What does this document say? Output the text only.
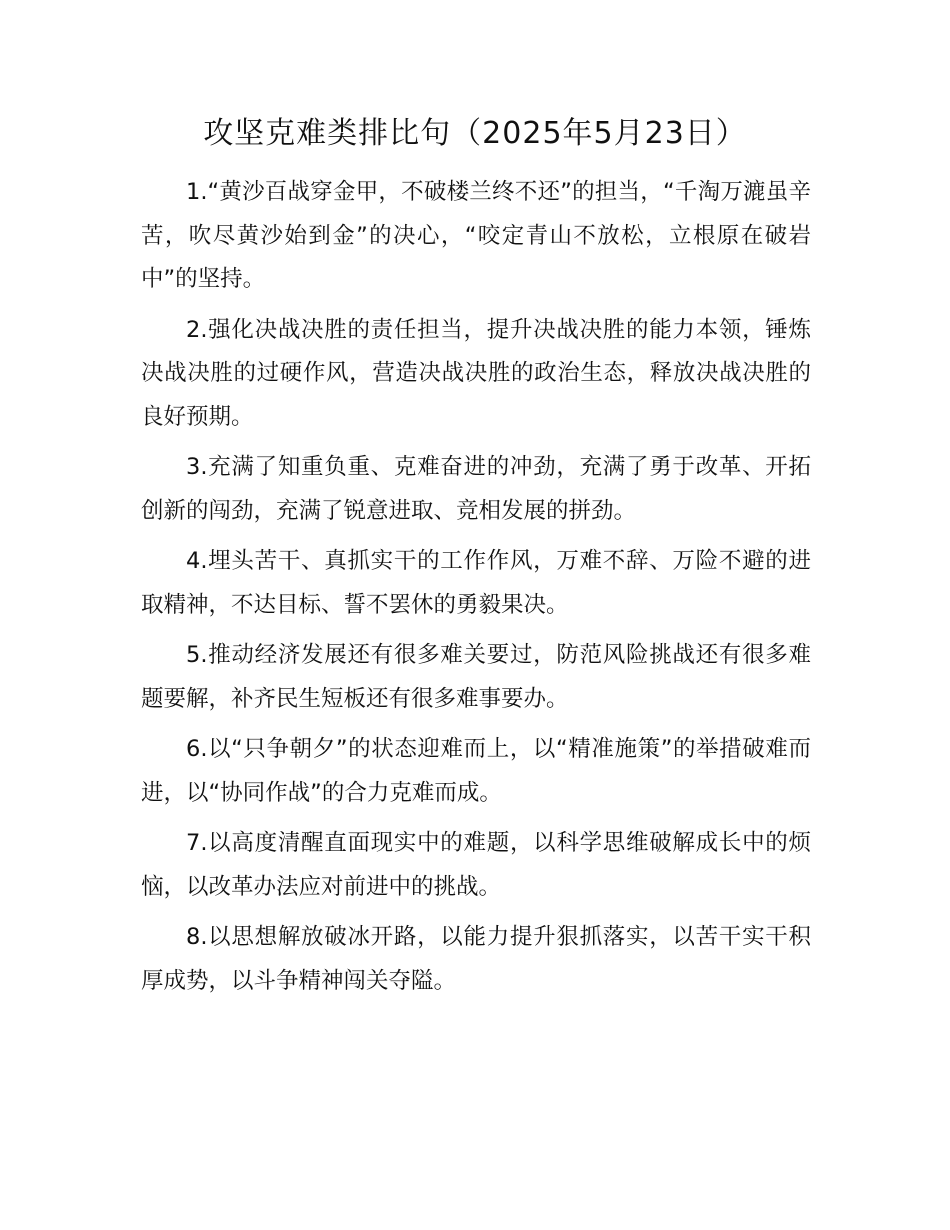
攻坚克难类排比句（2025年5月23日）

1.“黄沙百战穿金甲，不破楼兰终不还”的担当，“千淘万漉虽辛苦，吹尽黄沙始到金”的决心，“咬定青山不放松，立根原在破岩中”的坚持。

2.强化决战决胜的责任担当，提升决战决胜的能力本领，锤炼决战决胜的过硬作风，营造决战决胜的政治生态，释放决战决胜的良好预期。

3.充满了知重负重、克难奋进的冲劲，充满了勇于改革、开拓创新的闯劲，充满了锐意进取、竞相发展的拼劲。

4.埋头苦干、真抓实干的工作作风，万难不辞、万险不避的进取精神，不达目标、誓不罢休的勇毅果决。

5.推动经济发展还有很多难关要过，防范风险挑战还有很多难题要解，补齐民生短板还有很多难事要办。

6.以“只争朝夕”的状态迎难而上，以“精准施策”的举措破难而进，以“协同作战”的合力克难而成。

7.以高度清醒直面现实中的难题，以科学思维破解成长中的烦恼，以改革办法应对前进中的挑战。

8.以思想解放破冰开路，以能力提升狠抓落实，以苦干实干积厚成势，以斗争精神闯关夺隘。
